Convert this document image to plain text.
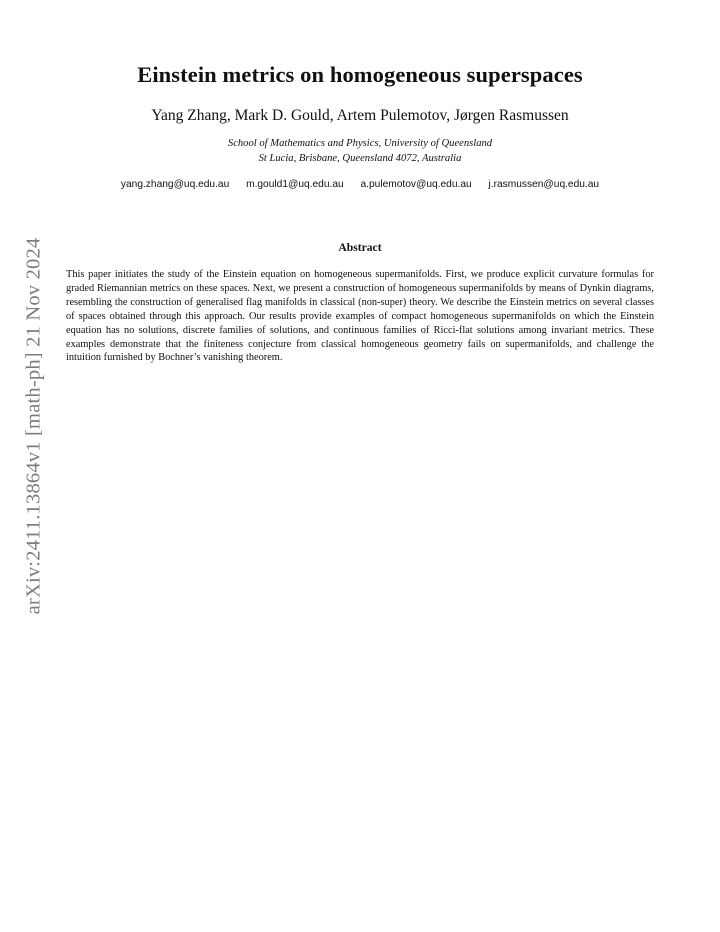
arXiv:2411.13864v1 [math-ph] 21 Nov 2024
Einstein metrics on homogeneous superspaces
Yang Zhang, Mark D. Gould, Artem Pulemotov, Jørgen Rasmussen
School of Mathematics and Physics, University of Queensland
St Lucia, Brisbane, Queensland 4072, Australia
yang.zhang@uq.edu.au m.gould1@uq.edu.au a.pulemotov@uq.edu.au j.rasmussen@uq.edu.au
Abstract
This paper initiates the study of the Einstein equation on homogeneous supermanifolds. First, we produce explicit curvature formulas for graded Riemannian metrics on these spaces. Next, we present a construction of homogeneous supermanifolds by means of Dynkin diagrams, resembling the construction of generalised flag manifolds in classical (non-super) theory. We describe the Einstein metrics on several classes of spaces obtained through this approach. Our results provide examples of compact homogeneous supermanifolds on which the Einstein equation has no solutions, discrete families of solutions, and continuous families of Ricci-flat solutions among invariant metrics. These examples demonstrate that the finiteness conjecture from classical homogeneous geometry fails on supermanifolds, and challenge the intuition furnished by Bochner’s vanishing theorem.
